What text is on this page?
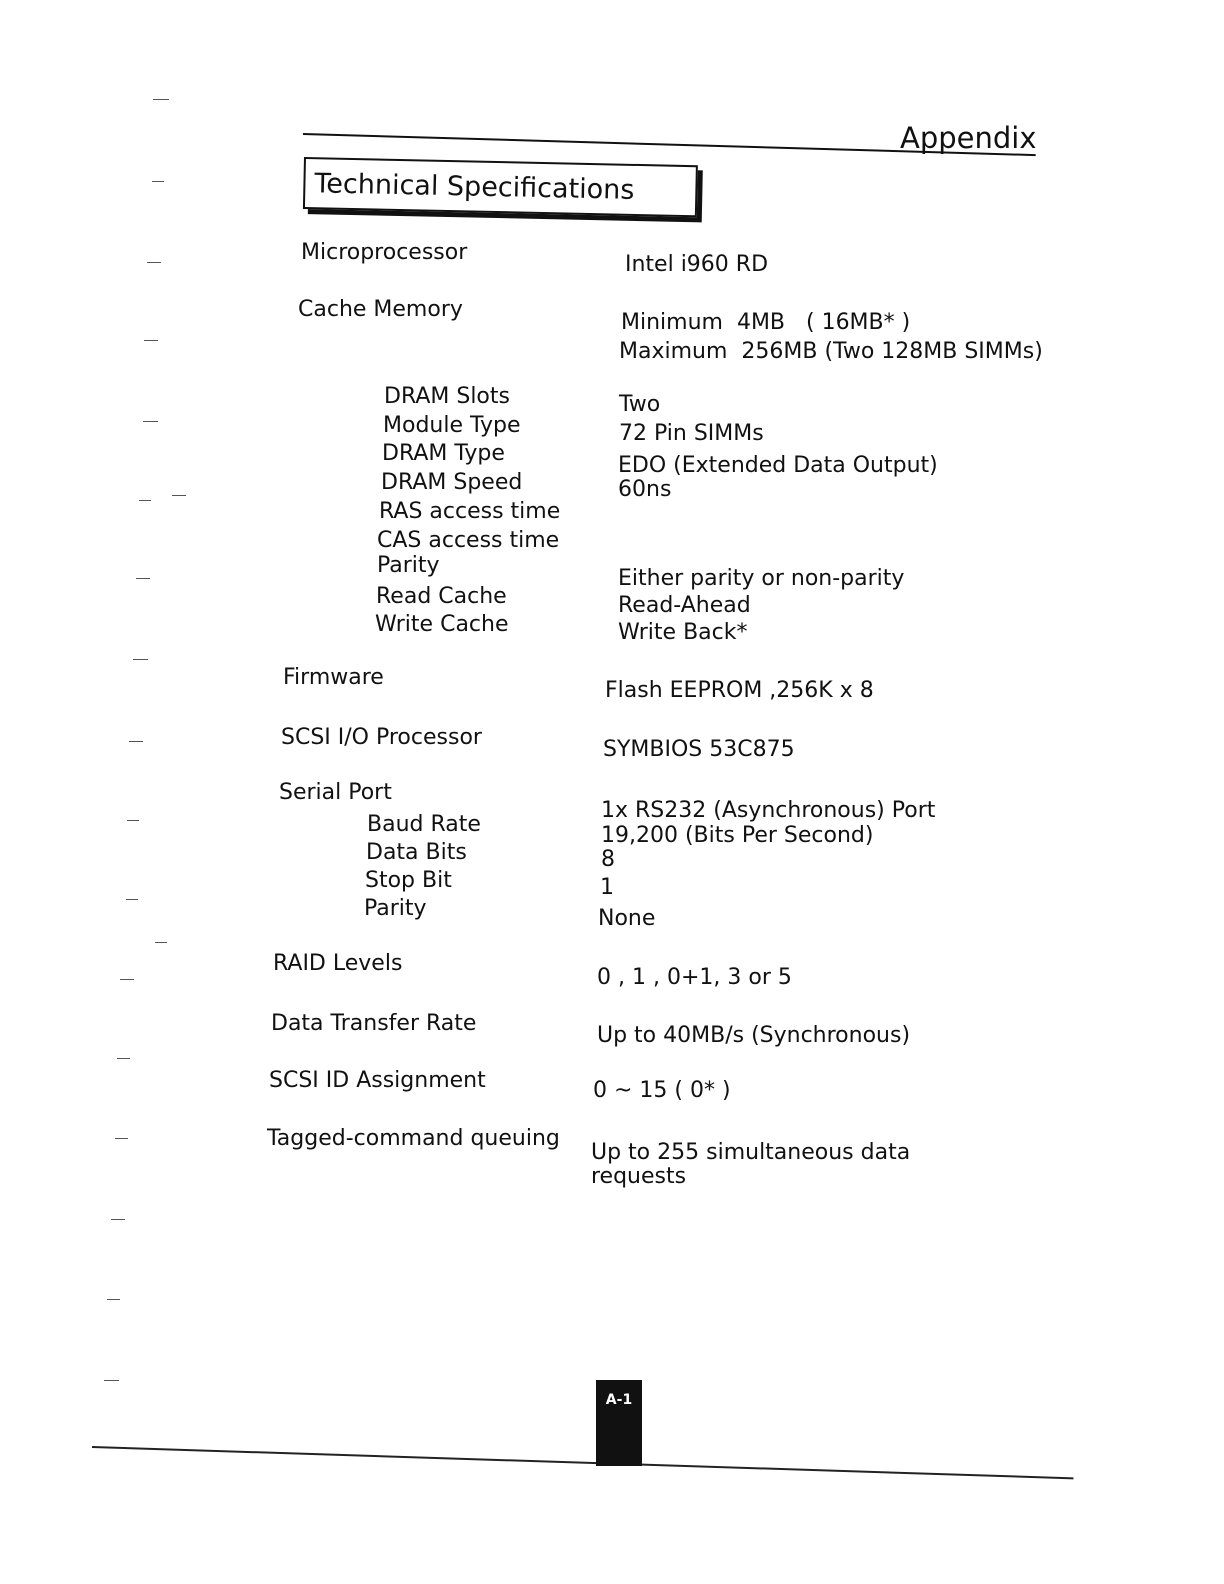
Appendix
Technical Specifications
Microprocessor
Cache Memory
DRAM Slots
Module Type
DRAM Type
DRAM Speed
RAS access time
CAS access time
Parity
Read Cache
Write Cache
Firmware
SCSI I/O Processor
Serial Port
Baud Rate
Data Bits
Stop Bit
Parity
RAID Levels
Data Transfer Rate
SCSI ID Assignment
Tagged-command queuing
Intel i960 RD
Minimum  4MB   ( 16MB* )
Maximum  256MB (Two 128MB SIMMs)
Two
72 Pin SIMMs
EDO (Extended Data Output)
60ns
Either parity or non-parity
Read-Ahead
Write Back*
Flash EEPROM ,256K x 8
SYMBIOS 53C875
1x RS232 (Asynchronous) Port
19,200 (Bits Per Second)
8
1
None
0 , 1 , 0+1, 3 or 5
Up to 40MB/s (Synchronous)
0 ~ 15 ( 0* )
Up to 255 simultaneous data
requests
A-1
